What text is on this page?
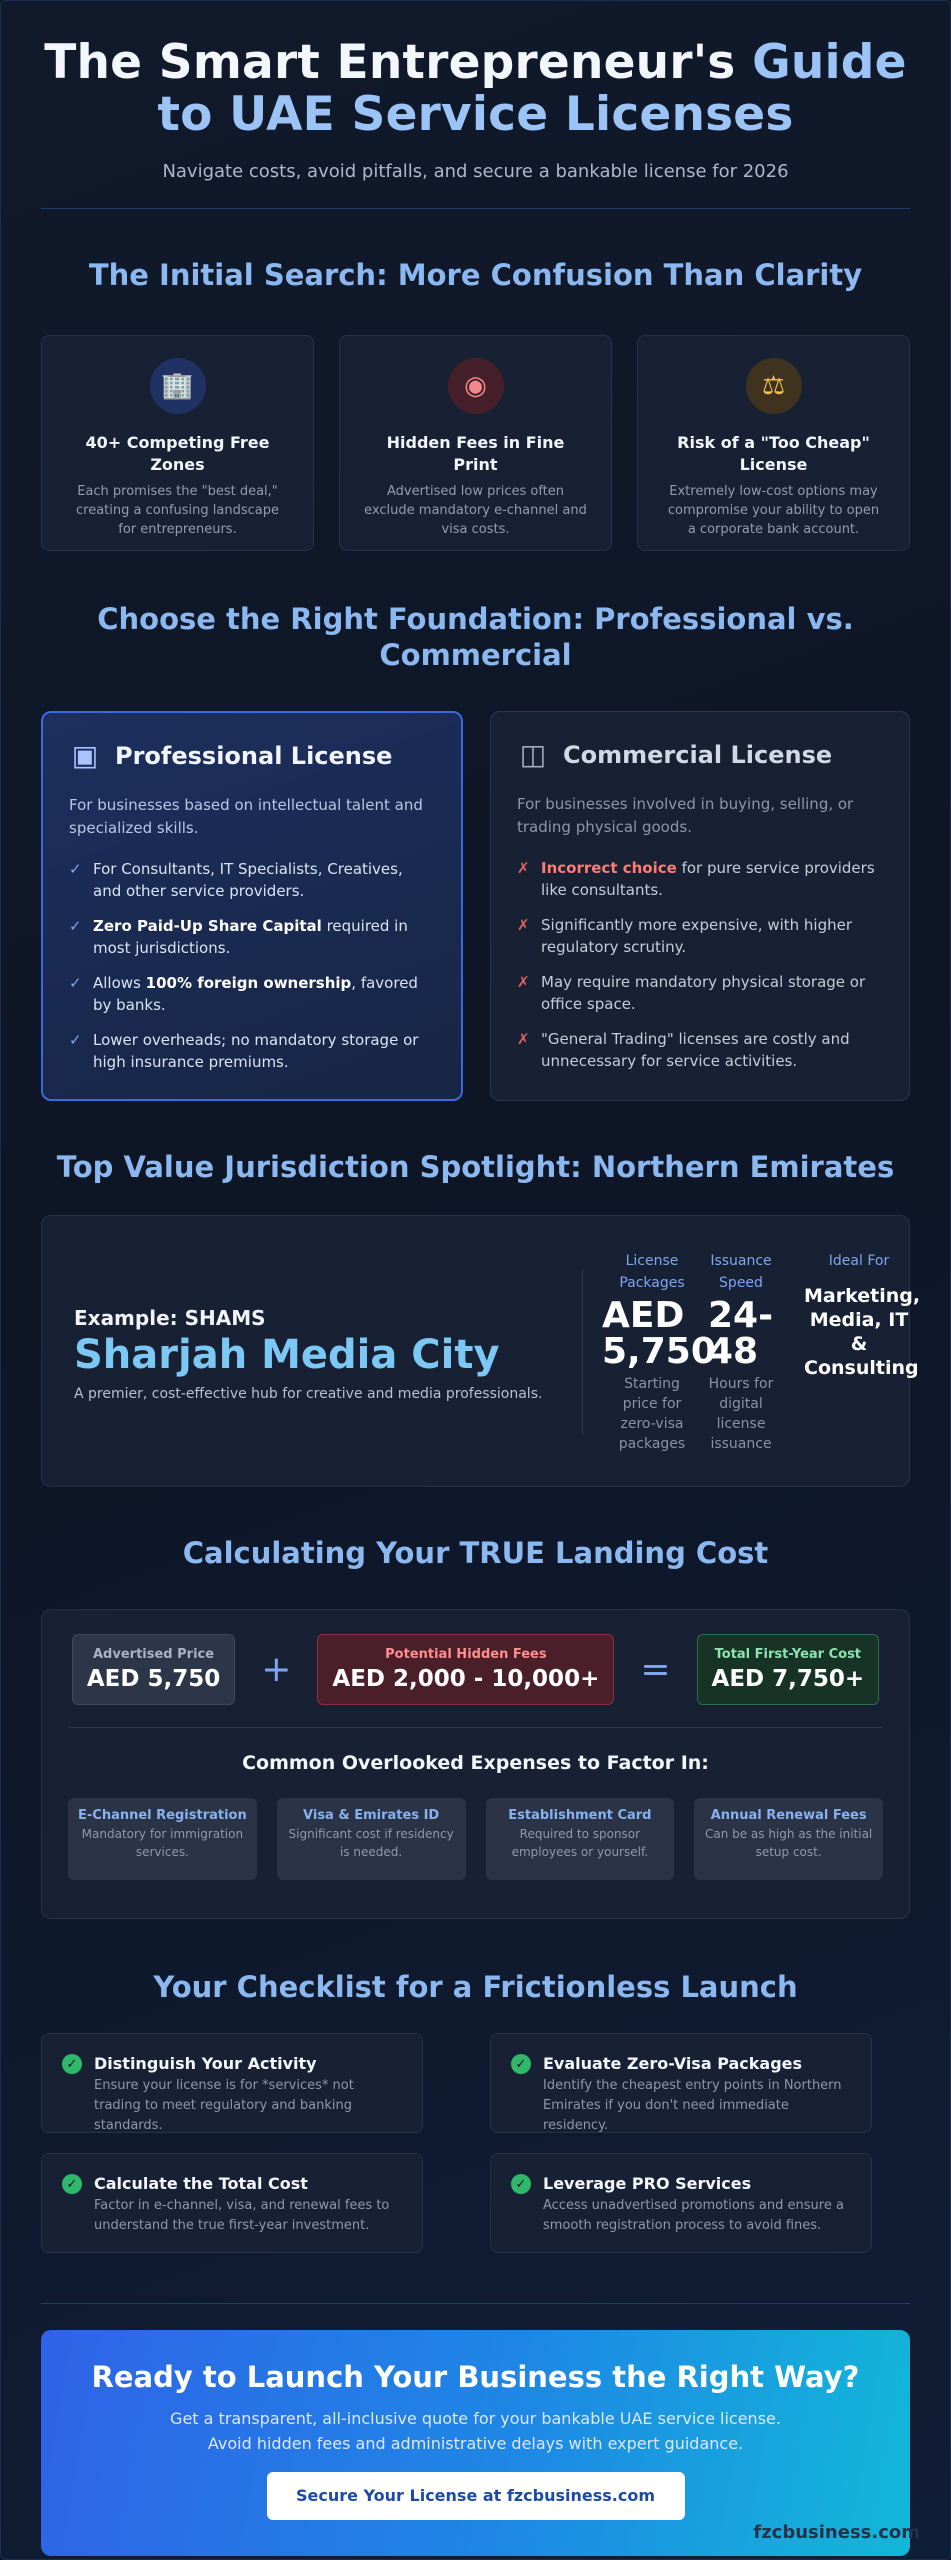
The Smart Entrepreneur's Guide
to UAE Service Licenses
Navigate costs, avoid pitfalls, and secure a bankable license for 2026
The Initial Search: More Confusion Than Clarity
🏢
40+ Competing Free Zones

Each promises the "best deal," creating a confusing landscape for entrepreneurs.

◉
Hidden Fees in Fine Print

Advertised low prices often exclude mandatory e-channel and visa costs.

⚖
Risk of a "Too Cheap" License

Extremely low-cost options may compromise your ability to open a corporate bank account.

Choose the Right Foundation: Professional vs. Commercial
▣ Professional License
For businesses based on intellectual talent and specialized skills.
✓ For Consultants, IT Specialists, Creatives, and other service providers.
✓ Zero Paid-Up Share Capital required in most jurisdictions.
✓ Allows 100% foreign ownership, favored by banks.
✓ Lower overheads; no mandatory storage or high insurance premiums.
◫ Commercial License
For businesses involved in buying, selling, or trading physical goods.
✗ Incorrect choice for pure service providers like consultants.
✗ Significantly more expensive, with higher regulatory scrutiny.
✗ May require mandatory physical storage or office space.
✗ "General Trading" licenses are costly and unnecessary for service activities.
Top Value Jurisdiction Spotlight: Northern Emirates
Example: SHAMS
Sharjah Media City
A premier, cost-effective hub for creative and media professionals.
License Packages
AED 5,750
Starting price for zero-visa packages
Issuance Speed
24-48
Hours for digital license issuance
Ideal For
Marketing, Media, IT & Consulting
Calculating Your TRUE Landing Cost
Advertised Price
AED 5,750 +	Potential Hidden Fees
AED 2,000 - 10,000+ =	Total First-Year Cost
AED 7,750+
Common Overlooked Expenses to Factor In:
E-Channel Registration
Mandatory for immigration services.
Visa & Emirates ID
Significant cost if residency is needed.
Establishment Card
Required to sponsor employees or yourself.
Annual Renewal Fees
Can be as high as the initial setup cost.
Your Checklist for a Frictionless Launch
✓ Distinguish Your Activity
Ensure your license is for *services* not trading to meet regulatory and banking standards.
✓ Evaluate Zero-Visa Packages
Identify the cheapest entry points in Northern Emirates if you don't need immediate residency.
✓ Calculate the Total Cost
Factor in e-channel, visa, and renewal fees to understand the true first-year investment.
✓ Leverage PRO Services
Access unadvertised promotions and ensure a smooth registration process to avoid fines.
Ready to Launch Your Business the Right Way?

Get a transparent, all-inclusive quote for your bankable UAE service license.
Avoid hidden fees and administrative delays with expert guidance.

Secure Your License at fzcbusiness.com
fzcbusiness.com
